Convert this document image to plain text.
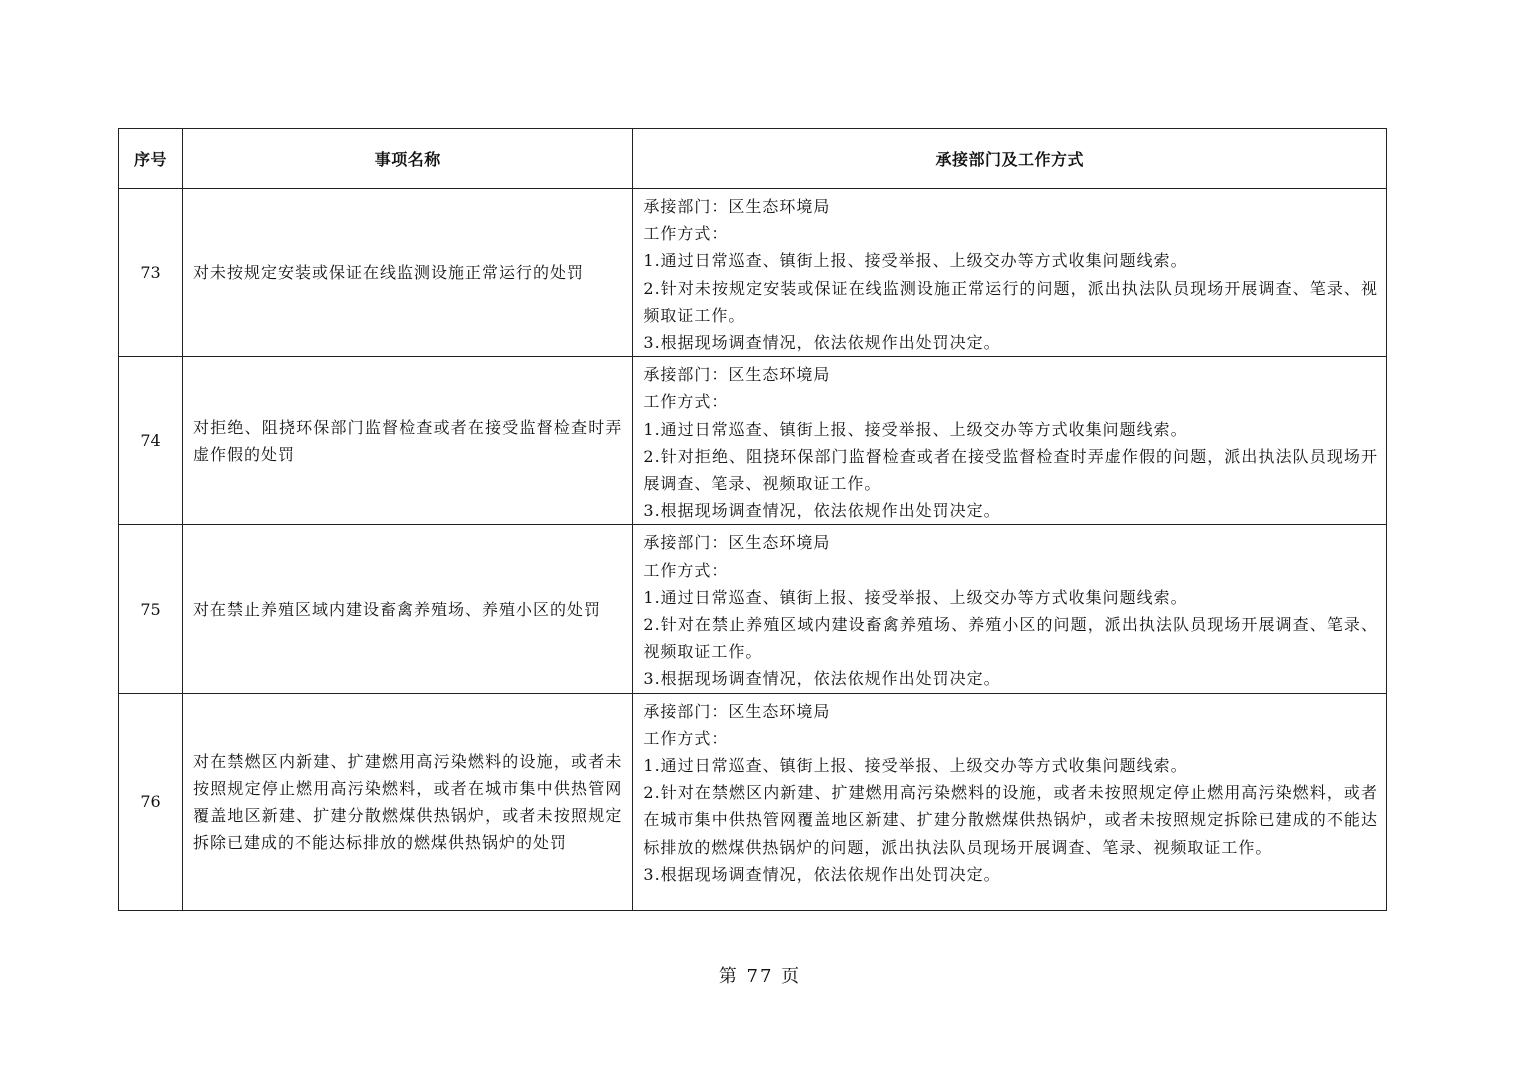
序号	事项名称	承接部门及工作方式
73	对未按规定安装或保证在线监测设施正常运行的处罚	承接部门：区生态环境局
工作方式：
1.通过日常巡查、镇街上报、接受举报、上级交办等方式收集问题线索。
2.针对未按规定安装或保证在线监测设施正常运行的问题，派出执法队员现场开展调查、笔录、视频取证工作。
3.根据现场调查情况，依法依规作出处罚决定。

74	对拒绝、阻挠环保部门监督检查或者在接受监督检查时弄虚作假的处罚	承接部门：区生态环境局
工作方式：
1.通过日常巡查、镇街上报、接受举报、上级交办等方式收集问题线索。
2.针对拒绝、阻挠环保部门监督检查或者在接受监督检查时弄虚作假的问题，派出执法队员现场开展调查、笔录、视频取证工作。
3.根据现场调查情况，依法依规作出处罚决定。

75	对在禁止养殖区域内建设畜禽养殖场、养殖小区的处罚	承接部门：区生态环境局
工作方式：
1.通过日常巡查、镇街上报、接受举报、上级交办等方式收集问题线索。
2.针对在禁止养殖区域内建设畜禽养殖场、养殖小区的问题，派出执法队员现场开展调查、笔录、视频取证工作。
3.根据现场调查情况，依法依规作出处罚决定。

76	对在禁燃区内新建、扩建燃用高污染燃料的设施，或者未按照规定停止燃用高污染燃料，或者在城市集中供热管网覆盖地区新建、扩建分散燃煤供热锅炉，或者未按照规定拆除已建成的不能达标排放的燃煤供热锅炉的处罚	承接部门：区生态环境局
工作方式：
1.通过日常巡查、镇街上报、接受举报、上级交办等方式收集问题线索。
2.针对在禁燃区内新建、扩建燃用高污染燃料的设施，或者未按照规定停止燃用高污染燃料，或者在城市集中供热管网覆盖地区新建、扩建分散燃煤供热锅炉，或者未按照规定拆除已建成的不能达标排放的燃煤供热锅炉的问题，派出执法队员现场开展调查、笔录、视频取证工作。
3.根据现场调查情况，依法依规作出处罚决定。
第 77 页
